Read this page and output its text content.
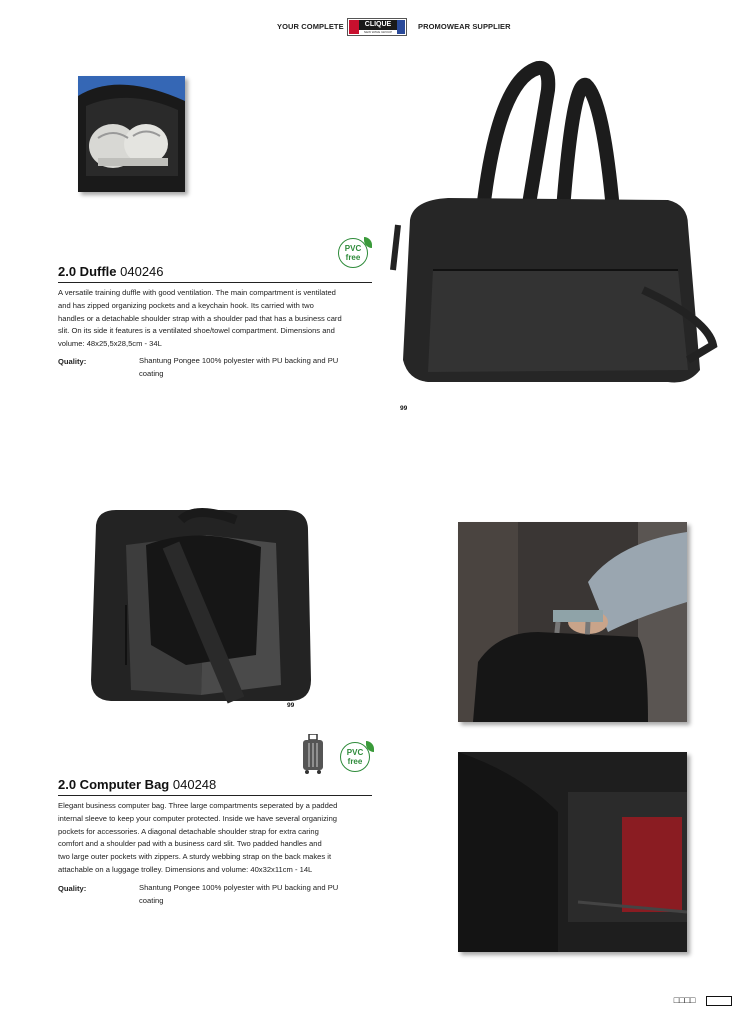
YOUR COMPLETE	CLIQUE
NEW WAVE GROUP
PROMOWEAR SUPPLIER
99
PVC
free
2.0 Duffle 040246
A versatile training duffle with good ventilation. The main compartment is ventilated
and has zipped organizing pockets and a keychain hook. Its carried with two
handles or a detachable shoulder strap with a shoulder pad that has a business card
slit. On its side it features is a ventilated shoe/towel compartment. Dimensions and
volume: 48x25,5x28,5cm - 34L
Quality:	Shantung Pongee 100% polyester with PU backing and PU
coating
99
PVC
free
2.0 Computer Bag 040248
Elegant business computer bag. Three large compartments seperated by a padded
internal sleeve to keep your computer protected. Inside we have several organizing
pockets for accessories. A diagonal detachable shoulder strap for extra caring
comfort and a shoulder pad with a business card slit. Two padded handles and
two large outer pockets with zippers. A sturdy webbing strap on the back makes it
attachable on a luggage trolley. Dimensions and volume: 40x32x11cm - 14L
Quality:	Shantung Pongee 100% polyester with PU backing and PU
coating
□□□□
